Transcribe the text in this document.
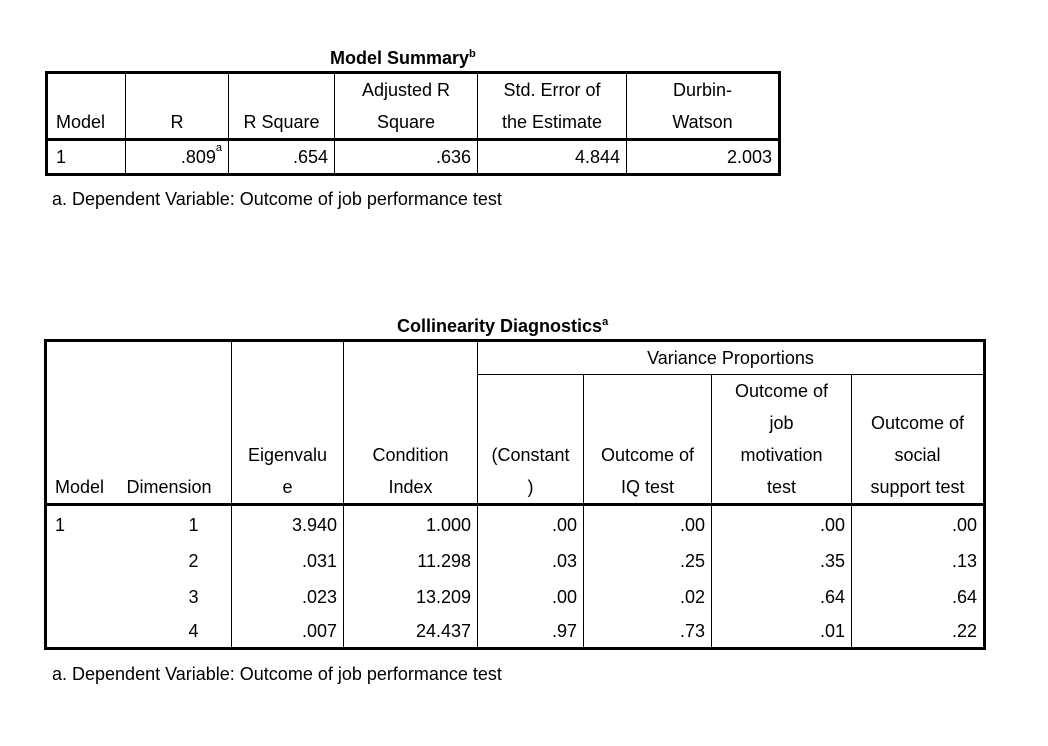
Model Summary$^b$
			Adjusted R	Std. Error of	Durbin-
Model	R	R Square	Square	the Estimate	Watson
1	.809$^a$	.654	.636	4.844	2.003
a. Dependent Variable: Outcome of job performance test
Collinearity Diagnostics$^a$
				Variance Proportions			
						Outcome of	
						job	Outcome of
		Eigenvalu	Condition	(Constant	Outcome of	motivation	social
Model	Dimension	e	Index	)	IQ test	test	support test
1	1	3.940	1.000	.00	.00	.00	.00
	2	.031	11.298	.03	.25	.35	.13
	3	.023	13.209	.00	.02	.64	.64
	4	.007	24.437	.97	.73	.01	.22
a. Dependent Variable: Outcome of job performance test
